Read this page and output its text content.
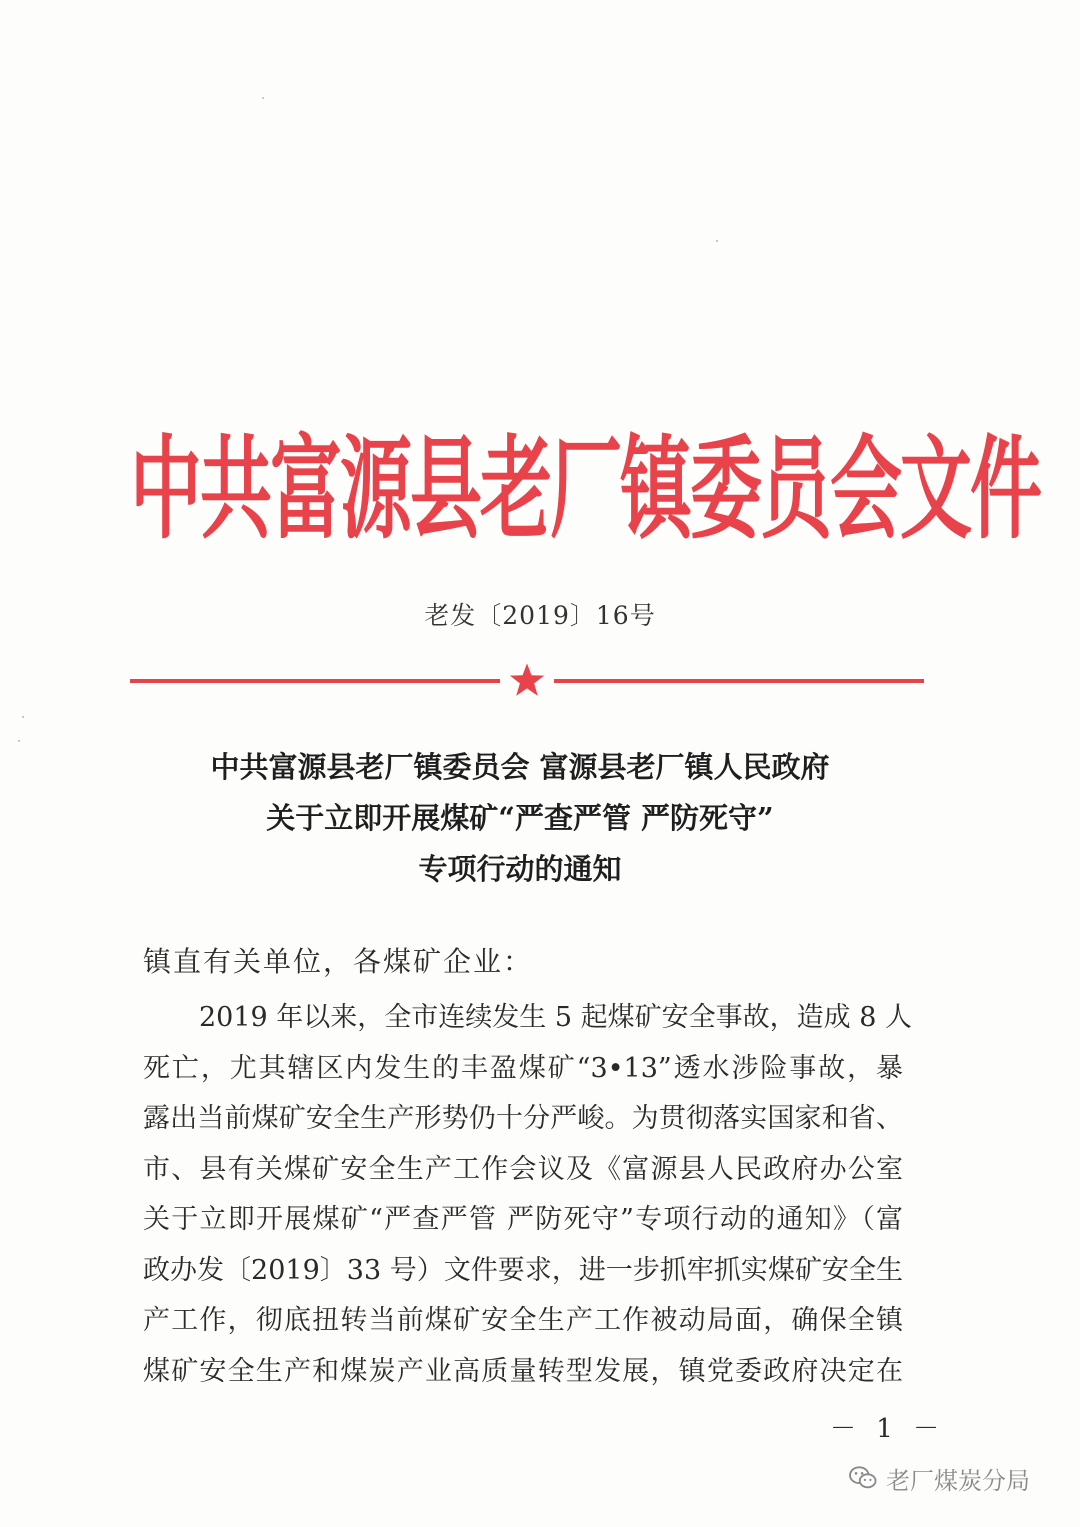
中共富源县老厂镇委员会文件
老发〔2019〕16号
中共富源县老厂镇委员会 富源县老厂镇人民政府
关于立即开展煤矿“严查严管 严防死守”
专项行动的通知
镇直有关单位，各煤矿企业：
2019 年以来，全市连续发生 5 起煤矿安全事故，造成 8 人
死亡，尤其辖区内发生的丰盈煤矿“3•13”透水涉险事故，暴
露出当前煤矿安全生产形势仍十分严峻。为贯彻落实国家和省、
市、县有关煤矿安全生产工作会议及《富源县人民政府办公室
关于立即开展煤矿“严查严管 严防死守”专项行动的通知》（富
政办发〔2019〕33 号）文件要求，进一步抓牢抓实煤矿安全生
产工作，彻底扭转当前煤矿安全生产工作被动局面，确保全镇
煤矿安全生产和煤炭产业高质量转型发展，镇党委政府决定在
－ 1 －
老厂煤炭分局
